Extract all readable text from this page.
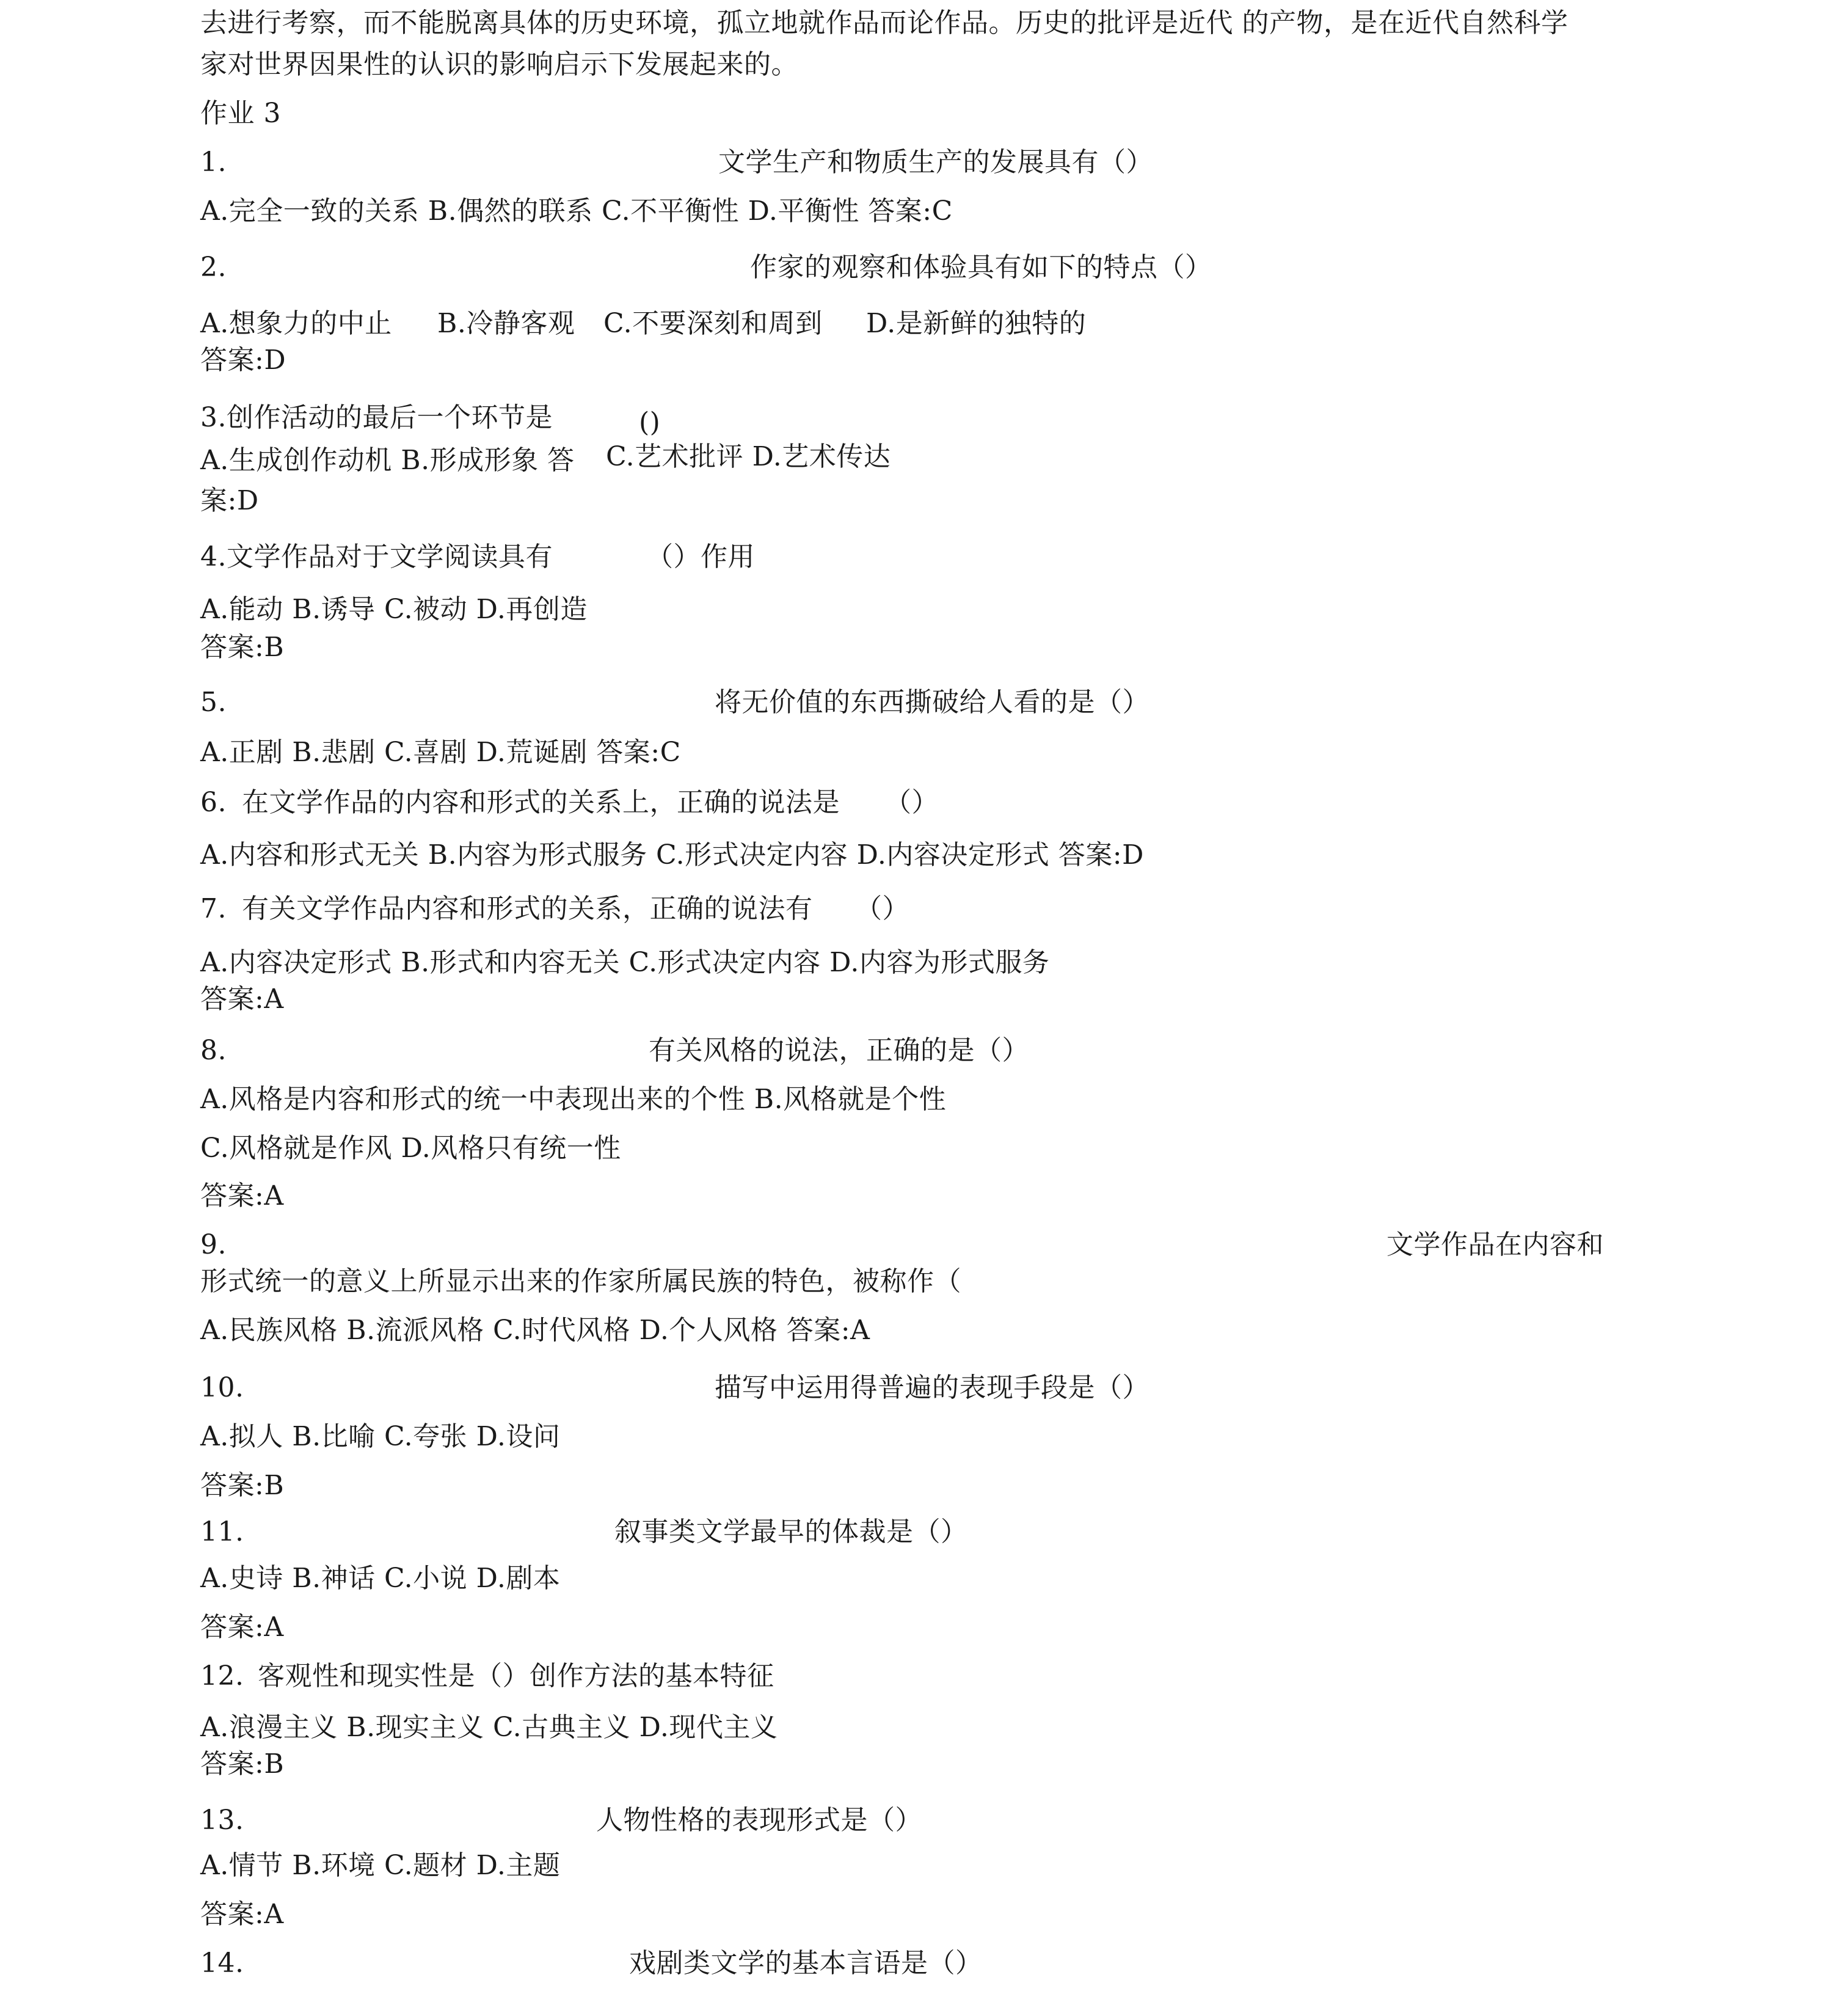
去进行考察，而不能脱离具体的历史环境，孤立地就作品而论作品。历史的批评是近代 的产物，是在近代自然科学
家对世界因果性的认识的影响启示下发展起来的。
作业 3
1.	文学生产和物质生产的发展具有（）
A.完全一致的关系 B.偶然的联系 C.不平衡性 D.平衡性 答案:C
2.	作家的观察和体验具有如下的特点（）
A.想象力的中止 B.冷静客观 C.不要深刻和周到 D.是新鲜的独特的
答案:D
3.创作活动的最后一个环节是	()
A.生成创作动机 B.形成形象 答 C.艺术批评 D.艺术传达
案:D
4.文学作品对于文学阅读具有	（）作用
A.能动 B.诱导 C.被动 D.再创造
答案:B
5.	将无价值的东西撕破给人看的是（）
A.正剧 B.悲剧 C.喜剧 D.荒诞剧 答案:C
6. 在文学作品的内容和形式的关系上，正确的说法是 （）
A.内容和形式无关 B.内容为形式服务 C.形式决定内容 D.内容决定形式 答案:D
7. 有关文学作品内容和形式的关系，正确的说法有 （）
A.内容决定形式 B.形式和内容无关 C.形式决定内容 D.内容为形式服务
答案:A
8.	有关风格的说法，正确的是（）
A.风格是内容和形式的统一中表现出来的个性 B.风格就是个性
C.风格就是作风 D.风格只有统一性
答案:A
9.	文学作品在内容和
形式统一的意义上所显示出来的作家所属民族的特色，被称作（
A.民族风格 B.流派风格 C.时代风格 D.个人风格 答案:A
10.	描写中运用得普遍的表现手段是（）
A.拟人 B.比喻 C.夸张 D.设问
答案:B
11.	叙事类文学最早的体裁是（）
A.史诗 B.神话 C.小说 D.剧本
答案:A
12. 客观性和现实性是（）创作方法的基本特征
A.浪漫主义 B.现实主义 C.古典主义 D.现代主义
答案:B
13.	人物性格的表现形式是（）
A.情节 B.环境 C.题材 D.主题
答案:A
14.	戏剧类文学的基本言语是（）
